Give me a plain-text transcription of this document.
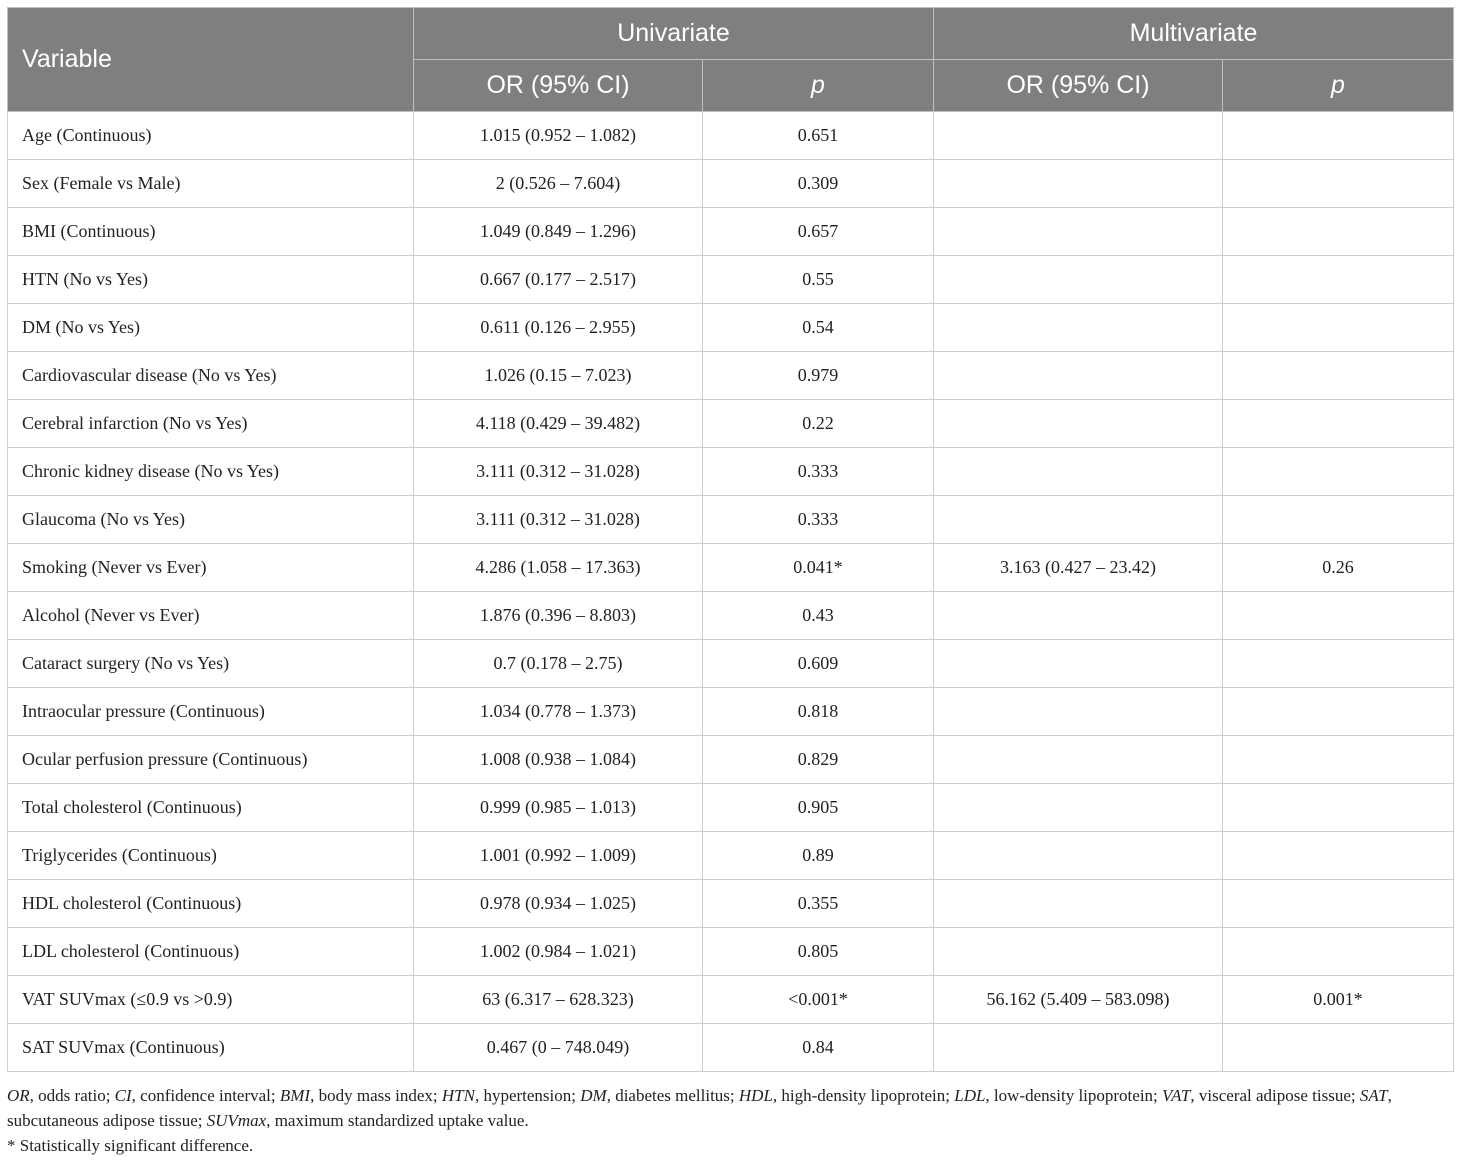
Variable	Univariate		Multivariate	
	OR (95% CI)	p	OR (95% CI)	p
Age (Continuous)	1.015 (0.952 – 1.082)	0.651		
Sex (Female vs Male)	2 (0.526 – 7.604)	0.309		
BMI (Continuous)	1.049 (0.849 – 1.296)	0.657		
HTN (No vs Yes)	0.667 (0.177 – 2.517)	0.55		
DM (No vs Yes)	0.611 (0.126 – 2.955)	0.54		
Cardiovascular disease (No vs Yes)	1.026 (0.15 – 7.023)	0.979		
Cerebral infarction (No vs Yes)	4.118 (0.429 – 39.482)	0.22		
Chronic kidney disease (No vs Yes)	3.111 (0.312 – 31.028)	0.333		
Glaucoma (No vs Yes)	3.111 (0.312 – 31.028)	0.333		
Smoking (Never vs Ever)	4.286 (1.058 – 17.363)	0.041*	3.163 (0.427 – 23.42)	0.26
Alcohol (Never vs Ever)	1.876 (0.396 – 8.803)	0.43		
Cataract surgery (No vs Yes)	0.7 (0.178 – 2.75)	0.609		
Intraocular pressure (Continuous)	1.034 (0.778 – 1.373)	0.818		
Ocular perfusion pressure (Continuous)	1.008 (0.938 – 1.084)	0.829		
Total cholesterol (Continuous)	0.999 (0.985 – 1.013)	0.905		
Triglycerides (Continuous)	1.001 (0.992 – 1.009)	0.89		
HDL cholesterol (Continuous)	0.978 (0.934 – 1.025)	0.355		
LDL cholesterol (Continuous)	1.002 (0.984 – 1.021)	0.805		
VAT SUVmax (≤0.9 vs >0.9)	63 (6.317 – 628.323)	<0.001*	56.162 (5.409 – 583.098)	0.001*
SAT SUVmax (Continuous)	0.467 (0 – 748.049)	0.84		
OR, odds ratio; CI, confidence interval; BMI, body mass index; HTN, hypertension; DM, diabetes mellitus; HDL, high-density lipoprotein; LDL, low-density lipoprotein; VAT, visceral adipose tissue; SAT, subcutaneous adipose tissue; SUVmax, maximum standardized uptake value.
* Statistically significant difference.
